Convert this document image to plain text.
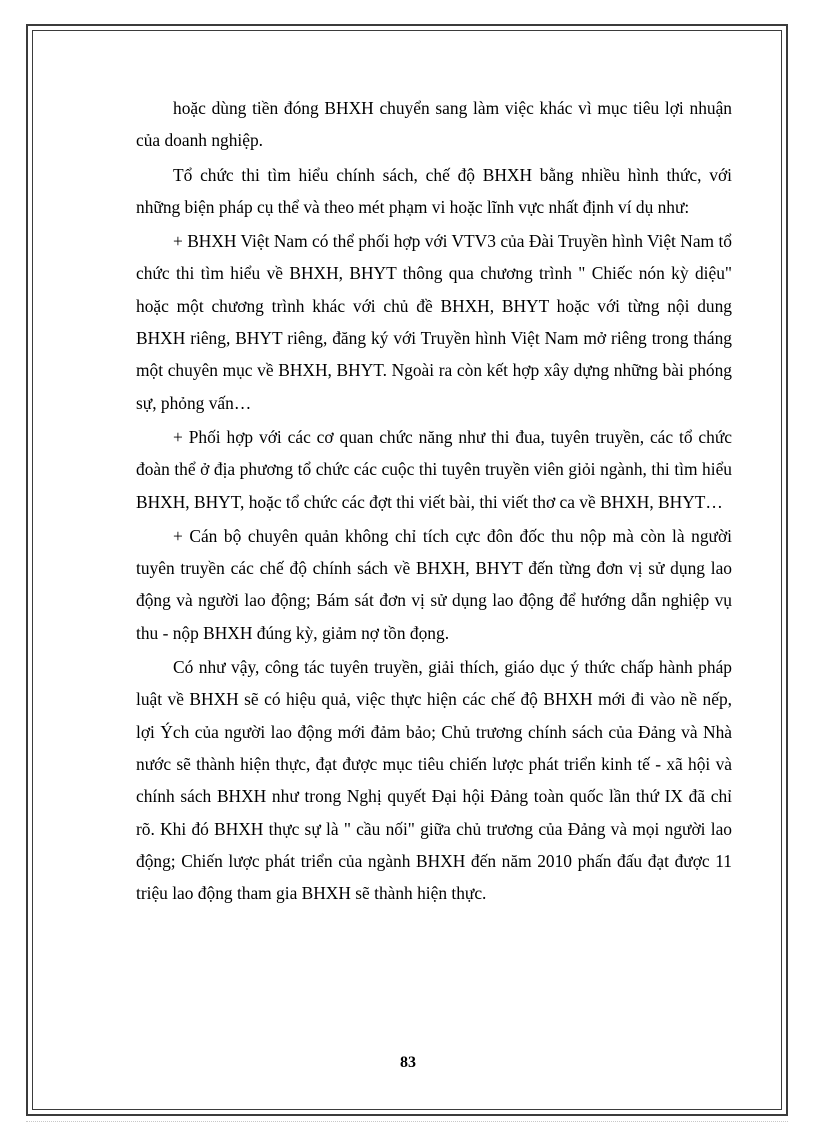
hoặc dùng tiền đóng BHXH chuyển sang làm việc khác vì mục tiêu lợi nhuận của doanh nghiệp.

Tổ chức thi tìm hiểu chính sách, chế độ BHXH bằng nhiều hình thức, với những biện pháp cụ thể và theo mét phạm vi hoặc lĩnh vực nhất định ví dụ như:

+ BHXH Việt Nam có thể phối hợp với VTV3 của Đài Truyền hình Việt Nam tổ chức thi tìm hiểu về BHXH, BHYT thông qua chương trình " Chiếc nón kỳ diệu" hoặc một chương trình khác với chủ đề BHXH, BHYT hoặc với từng nội dung BHXH riêng, BHYT riêng, đăng ký với Truyền hình Việt Nam mở riêng trong tháng một chuyên mục về BHXH, BHYT. Ngoài ra còn kết hợp xây dựng những bài phóng sự, phỏng vấn…

+ Phối hợp với các cơ quan chức năng như thi đua, tuyên truyền, các tổ chức đoàn thể ở địa phương tổ chức các cuộc thi tuyên truyền viên giỏi ngành, thi tìm hiểu BHXH, BHYT, hoặc tổ chức các đợt thi viết bài, thi viết thơ ca về BHXH, BHYT…

+ Cán bộ chuyên quản không chỉ tích cực đôn đốc thu nộp mà còn là người tuyên truyền các chế độ chính sách về BHXH, BHYT đến từng đơn vị sử dụng lao động và người lao động; Bám sát đơn vị sử dụng lao động để hướng dẫn nghiệp vụ thu - nộp BHXH đúng kỳ, giảm nợ tồn đọng.

Có như vậy, công tác tuyên truyền, giải thích, giáo dục ý thức chấp hành pháp luật về BHXH sẽ có hiệu quả, việc thực hiện các chế độ BHXH mới đi vào nề nếp, lợi Ých của người lao động mới đảm bảo; Chủ trương chính sách của Đảng và Nhà nước sẽ thành hiện thực, đạt được mục tiêu chiến lược phát triển kinh tế - xã hội và chính sách BHXH như trong Nghị quyết Đại hội Đảng toàn quốc lần thứ IX đã chỉ rõ. Khi đó BHXH thực sự là " cầu nối" giữa chủ trương của Đảng và mọi người lao động; Chiến lược phát triển của ngành BHXH đến năm 2010 phấn đấu đạt được 11 triệu lao động tham gia BHXH sẽ thành hiện thực.

83
